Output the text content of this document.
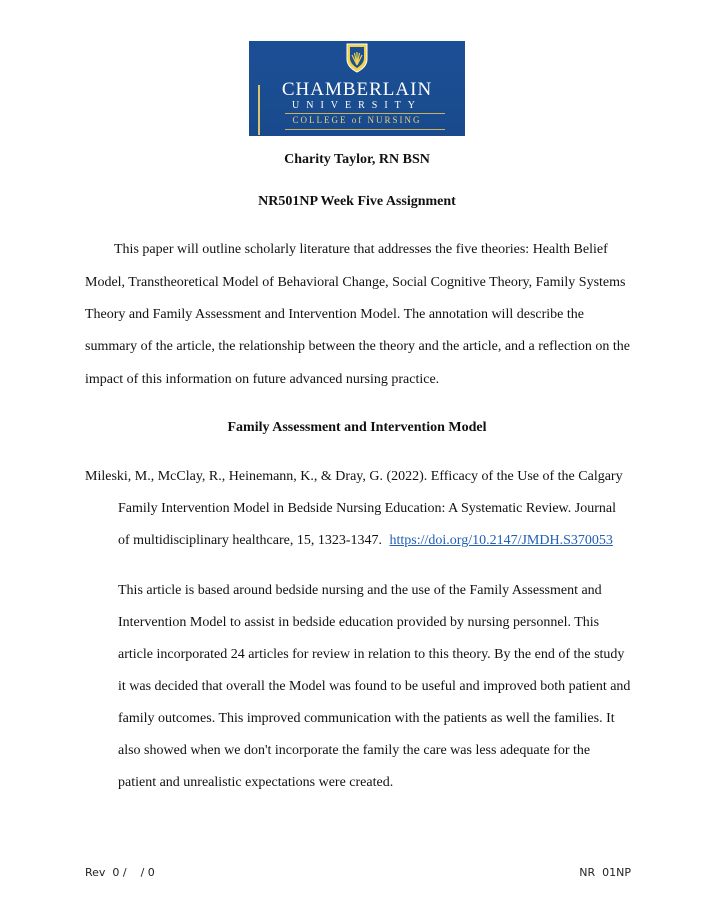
CHAMBERLAIN
UNIVERSITY
COLLEGE of NURSING
Charity Taylor, RN BSN
NR501NP Week Five Assignment
This paper will outline scholarly literature that addresses the five theories: Health Belief
Model, Transtheoretical Model of Behavioral Change, Social Cognitive Theory, Family Systems
Theory and Family Assessment and Intervention Model. The annotation will describe the
summary of the article, the relationship between the theory and the article, and a reflection on the
impact of this information on future advanced nursing practice.
Family Assessment and Intervention Model
Mileski, M., McClay, R., Heinemann, K., & Dray, G. (2022). Efficacy of the Use of the Calgary
Family Intervention Model in Bedside Nursing Education: A Systematic Review. Journal
of multidisciplinary healthcare, 15, 1323-1347. https://doi.org/10.2147/JMDH.S370053
This article is based around bedside nursing and the use of the Family Assessment and
Intervention Model to assist in bedside education provided by nursing personnel. This
article incorporated 24 articles for review in relation to this theory. By the end of the study
it was decided that overall the Model was found to be useful and improved both patient and
family outcomes. This improved communication with the patients as well the families. It
also showed when we don't incorporate the family the care was less adequate for the
patient and unrealistic expectations were created.
Rev  0 /    / 0	NR  01NP
